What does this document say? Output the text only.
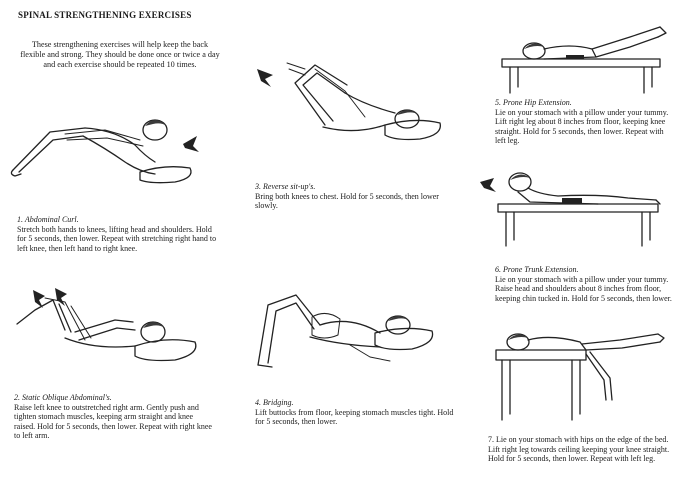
SPINAL STRENGTHENING EXERCISES
These strengthening exercises will help keep the back flexible and strong. They should be done once or twice a day and each exercise should be repeated 10 times.
1. Abdominal Curl.
Stretch both hands to knees, lifting head and shoulders. Hold for 5 seconds, then lower. Repeat with stretching right hand to left knee, then left hand to right knee.
2. Static Oblique Abdominal's.
Raise left knee to outstretched right arm. Gently push and tighten stomach muscles, keeping arm straight and knee raised. Hold for 5 seconds, then lower. Repeat with right knee to left arm.
3. Reverse sit-up's.
Bring both knees to chest. Hold for 5 seconds, then lower slowly.
4. Bridging.
Lift buttocks from floor, keeping stomach muscles tight. Hold for 5 seconds, then lower.
5. Prone Hip Extension.
Lie on your stomach with a pillow under your tummy. Lift right leg about 8 inches from floor, keeping knee straight. Hold for 5 seconds, then lower. Repeat with left leg.
6. Prone Trunk Extension.
Lie on your stomach with a pillow under your tummy. Raise head and shoulders about 8 inches from floor, keeping chin tucked in. Hold for 5 seconds, then lower.
7. Lie on your stomach with hips on the edge of the bed. Lift right leg towards ceiling keeping your knee straight. Hold for 5 seconds, then lower. Repeat with left leg.
